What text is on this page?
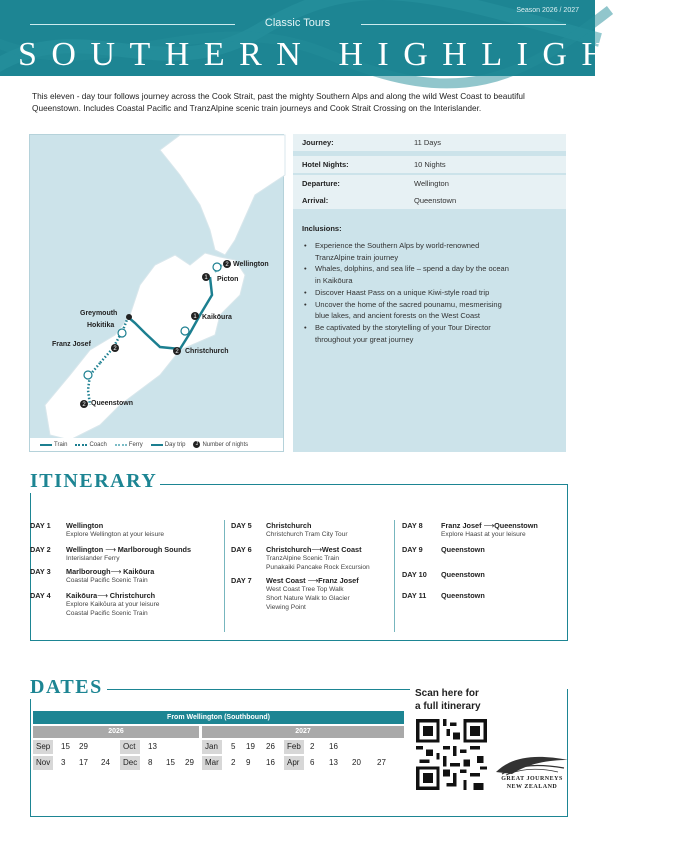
Season 2026 / 2027
Classic Tours
SOUTHERN HIGHLIGHTS
This eleven - day tour follows journey across the Cook Strait, past the mighty Southern Alps and along the wild West Coast to beautiful Queenstown. Includes Coastal Pacific and TranzAlpine scenic train journeys and Cook Strait Crossing on the Interislander.
2 Wellington
1 Picton
1 Kaikōura
2 Christchurch
Greymouth
Hokitika
2
Franz Josef
2 Queenstown
Train	Coach	Ferry	Day trip	1 Number of nights
Journey:	11 Days
Hotel Nights:	10 Nights
Departure:	Wellington
Arrival:	Queenstown
Inclusions:
• Experience the Southern Alps by world-renowned
TranzAlpine train journey
• Whales, dolphins, and sea life – spend a day by the ocean
in Kaikōura
• Discover Haast Pass on a unique Kiwi-style road trip
• Uncover the home of the sacred pounamu, mesmerising
blue lakes, and ancient forests on the West Coast
• Be captivated by the storytelling of your Tour Director
throughout your great journey
ITINERARY
DAY 1 Wellington
Explore Wellington at your leisure
DAY 2 Wellington ⟶ Marlborough Sounds
Interislander Ferry
DAY 3 Marlborough⟶ Kaikōura
Coastal Pacific Scenic Train
DAY 4 Kaikōura⟶ Christchurch
Explore Kaikōura at your leisure
Coastal Pacific Scenic Train
DAY 5 Christchurch
Christchurch Tram City Tour
DAY 6 Christchurch⟶West Coast
TranzAlpine Scenic Train
Punakaiki Pancake Rock Excursion
DAY 7 West Coast ⟶Franz Josef
West Coast Tree Top Walk
Short Nature Walk to Glacier
Viewing Point
DAY 8	Franz Josef ⟶Queenstown
Explore Haast at your leisure
DAY 9	Queenstown
DAY 10 Queenstown
DAY 11 Queenstown
DATES
From Wellington (Southbound)
2026	2027
Sep	15 29	Oct	13
Nov	3 17 24	Dec	8 15 29
Jan	5 19 26	Feb	2 16
Mar	2 9 16	Apr	6 13 20 27
Scan here for
a full itinerary
GREAT JOURNEYS
NEW ZEALAND
